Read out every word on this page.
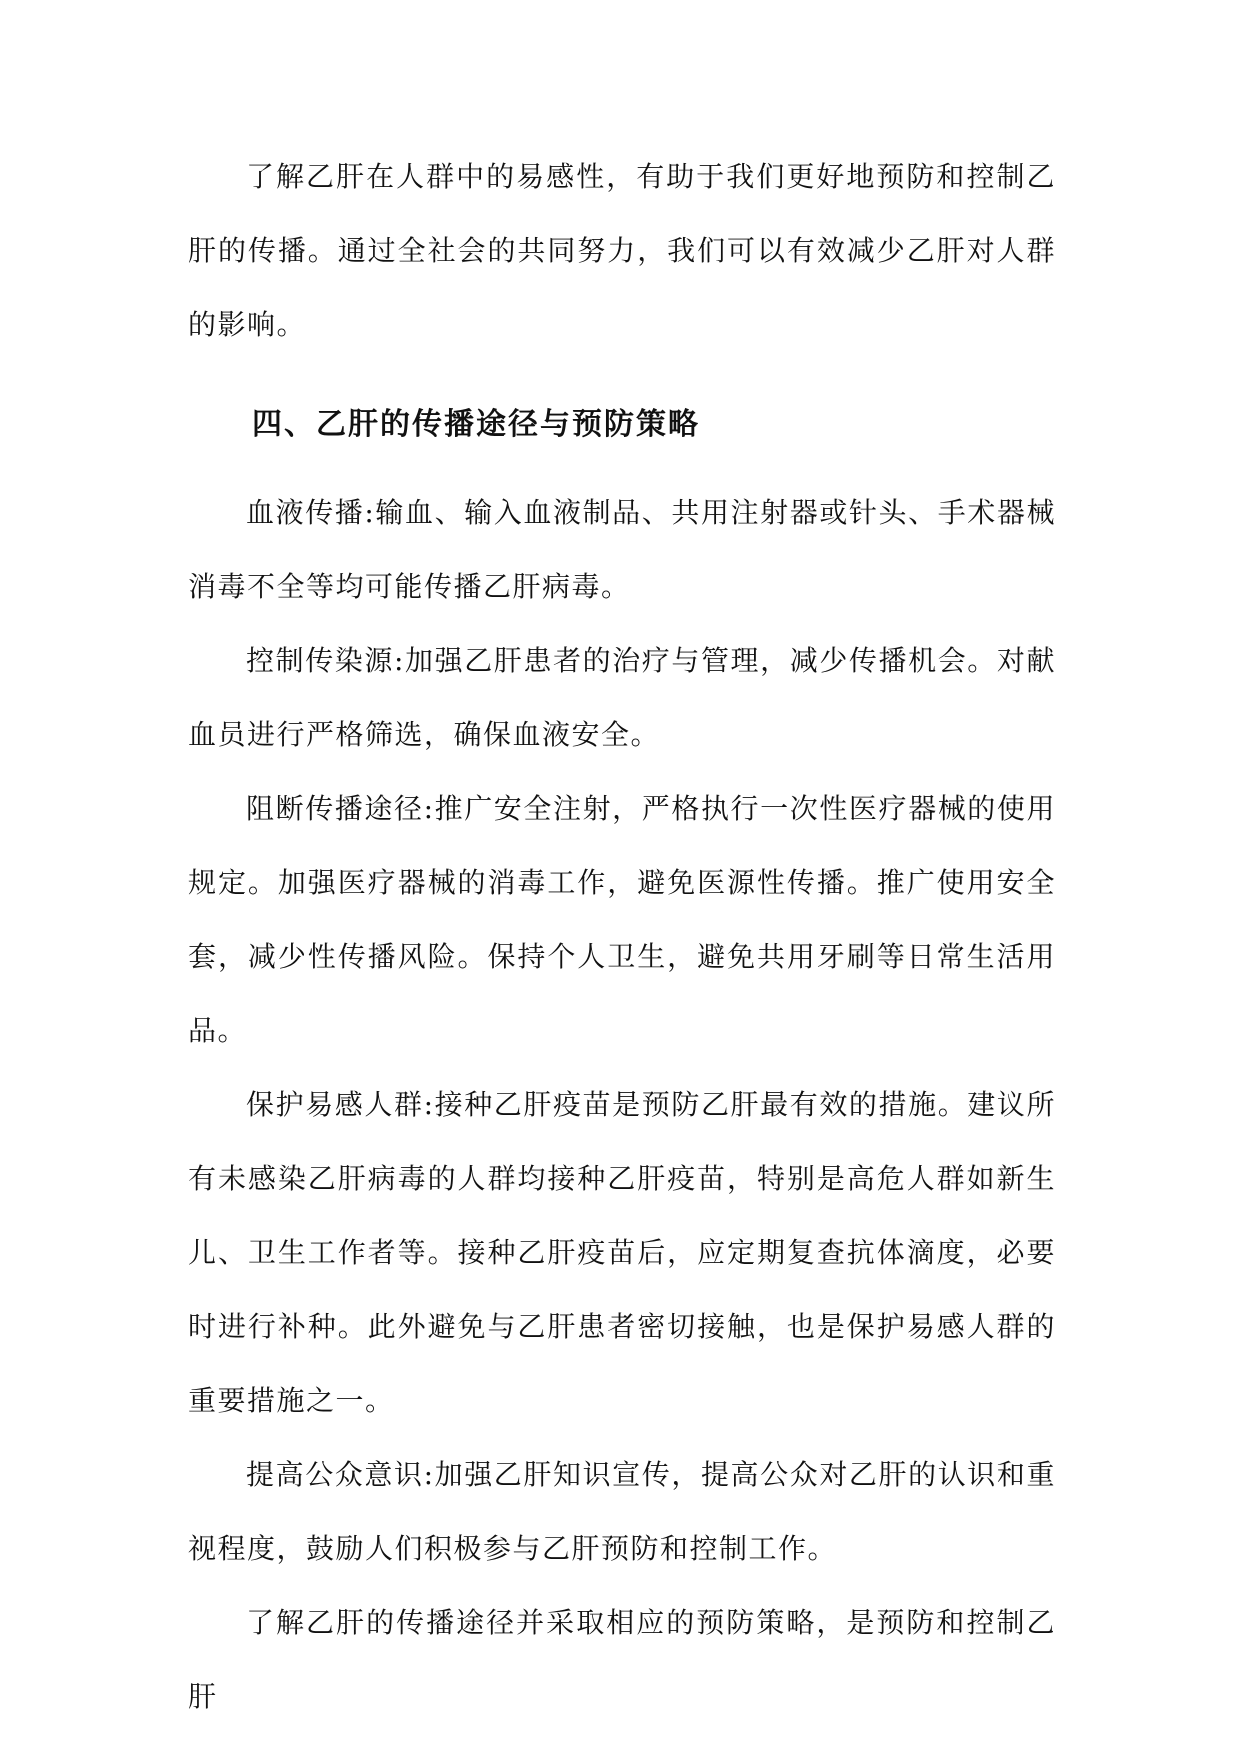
了解乙肝在人群中的易感性，有助于我们更好地预防和控制乙肝的传播。通过全社会的共同努力，我们可以有效减少乙肝对人群的影响。

四、乙肝的传播途径与预防策略

血液传播:输血、输入血液制品、共用注射器或针头、手术器械消毒不全等均可能传播乙肝病毒。

控制传染源:加强乙肝患者的治疗与管理，减少传播机会。对献血员进行严格筛选，确保血液安全。

阻断传播途径:推广安全注射，严格执行一次性医疗器械的使用规定。加强医疗器械的消毒工作，避免医源性传播。推广使用安全套，减少性传播风险。保持个人卫生，避免共用牙刷等日常生活用品。

保护易感人群:接种乙肝疫苗是预防乙肝最有效的措施。建议所有未感染乙肝病毒的人群均接种乙肝疫苗，特别是高危人群如新生儿、卫生工作者等。接种乙肝疫苗后，应定期复查抗体滴度，必要时进行补种。此外避免与乙肝患者密切接触，也是保护易感人群的重要措施之一。

提高公众意识:加强乙肝知识宣传，提高公众对乙肝的认识和重视程度，鼓励人们积极参与乙肝预防和控制工作。

了解乙肝的传播途径并采取相应的预防策略，是预防和控制乙肝
